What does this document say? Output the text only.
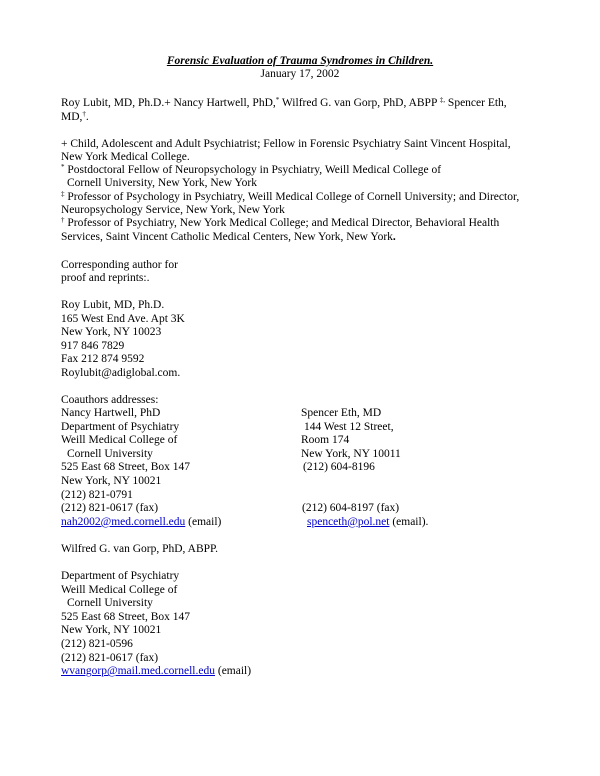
Forensic Evaluation of Trauma Syndromes in Children.
January 17, 2002
Roy Lubit, MD, Ph.D.+ Nancy Hartwell, PhD,* Wilfred G. van Gorp, PhD, ABPP ‡, Spencer Eth,
MD,†.
+ Child, Adolescent and Adult Psychiatrist; Fellow in Forensic Psychiatry Saint Vincent Hospital,
New York Medical College.
* Postdoctoral Fellow of Neuropsychology in Psychiatry, Weill Medical College of
Cornell University, New York, New York
‡ Professor of Psychology in Psychiatry, Weill Medical College of Cornell University; and Director,
Neuropsychology Service, New York, New York
† Professor of Psychiatry, New York Medical College; and Medical Director, Behavioral Health
Services, Saint Vincent Catholic Medical Centers, New York, New York.
Corresponding author for
proof and reprints:.
Roy Lubit, MD, Ph.D.
165 West End Ave. Apt 3K
New York, NY 10023
917 846 7829
Fax 212 874 9592
Roylubit@adiglobal.com.
Coauthors addresses:
Nancy Hartwell, PhD
Department of Psychiatry
Weill Medical College of
Cornell University
525 East 68 Street, Box 147
New York, NY 10021
(212) 821-0791
(212) 821-0617 (fax)
nah2002@med.cornell.edu (email)
Spencer Eth, MD
144 West 12 Street,
Room 174
New York, NY 10011
(212) 604-8196
(212) 604-8197 (fax)
spenceth@pol.net (email).
Wilfred G. van Gorp, PhD, ABPP.
Department of Psychiatry
Weill Medical College of
Cornell University
525 East 68 Street, Box 147
New York, NY 10021
(212) 821-0596
(212) 821-0617 (fax)
wvangorp@mail.med.cornell.edu (email)
